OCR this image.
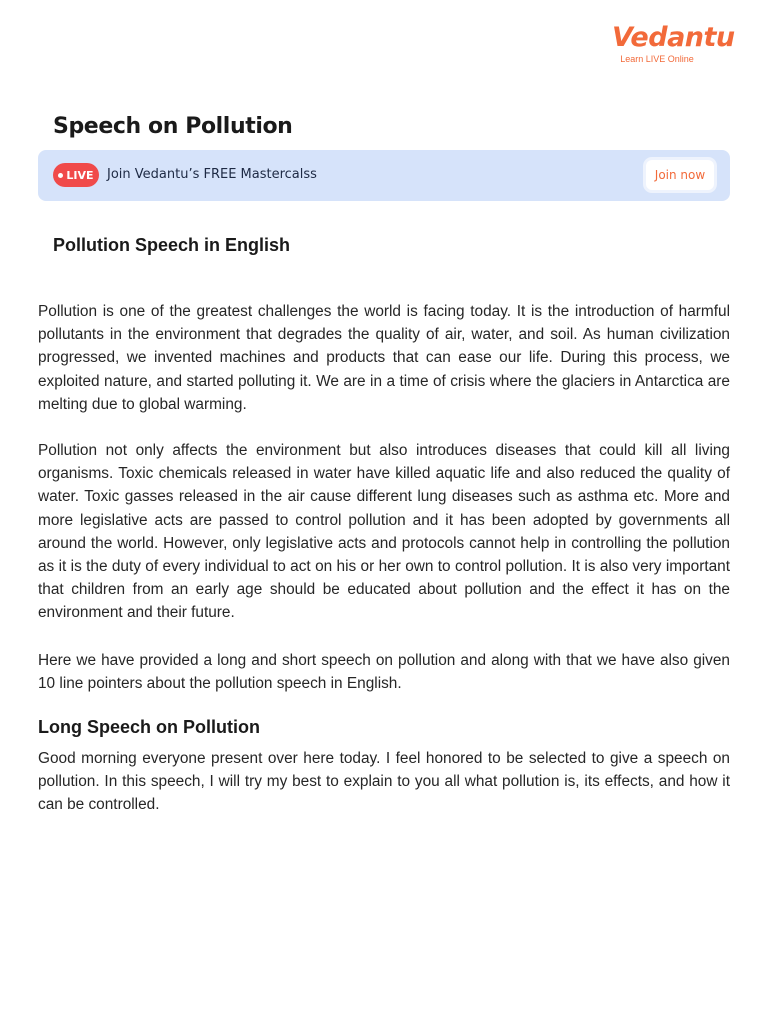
Vedantu
Learn LIVE Online
Speech on Pollution
LIVE Join Vedantu’s FREE Mastercalss	Join now
Pollution Speech in English

Pollution is one of the greatest challenges the world is facing today. It is the introduction of harmful pollutants in the environment that degrades the quality of air, water, and soil. As human civilization progressed, we invented machines and products that can ease our life. During this process, we exploited nature, and started polluting it. We are in a time of crisis where the glaciers in Antarctica are melting due to global warming.

Pollution not only affects the environment but also introduces diseases that could kill all living organisms. Toxic chemicals released in water have killed aquatic life and also reduced the quality of water. Toxic gasses released in the air cause different lung diseases such as asthma etc. More and more legislative acts are passed to control pollution and it has been adopted by governments all around the world. However, only legislative acts and protocols cannot help in controlling the pollution as it is the duty of every individual to act on his or her own to control pollution. It is also very important that children from an early age should be educated about pollution and the effect it has on the environment and their future.

Here we have provided a long and short speech on pollution and along with that we have also given 10 line pointers about the pollution speech in English.

Long Speech on Pollution

Good morning everyone present over here today. I feel honored to be selected to give a speech on pollution. In this speech, I will try my best to explain to you all what pollution is, its effects, and how it can be controlled.
